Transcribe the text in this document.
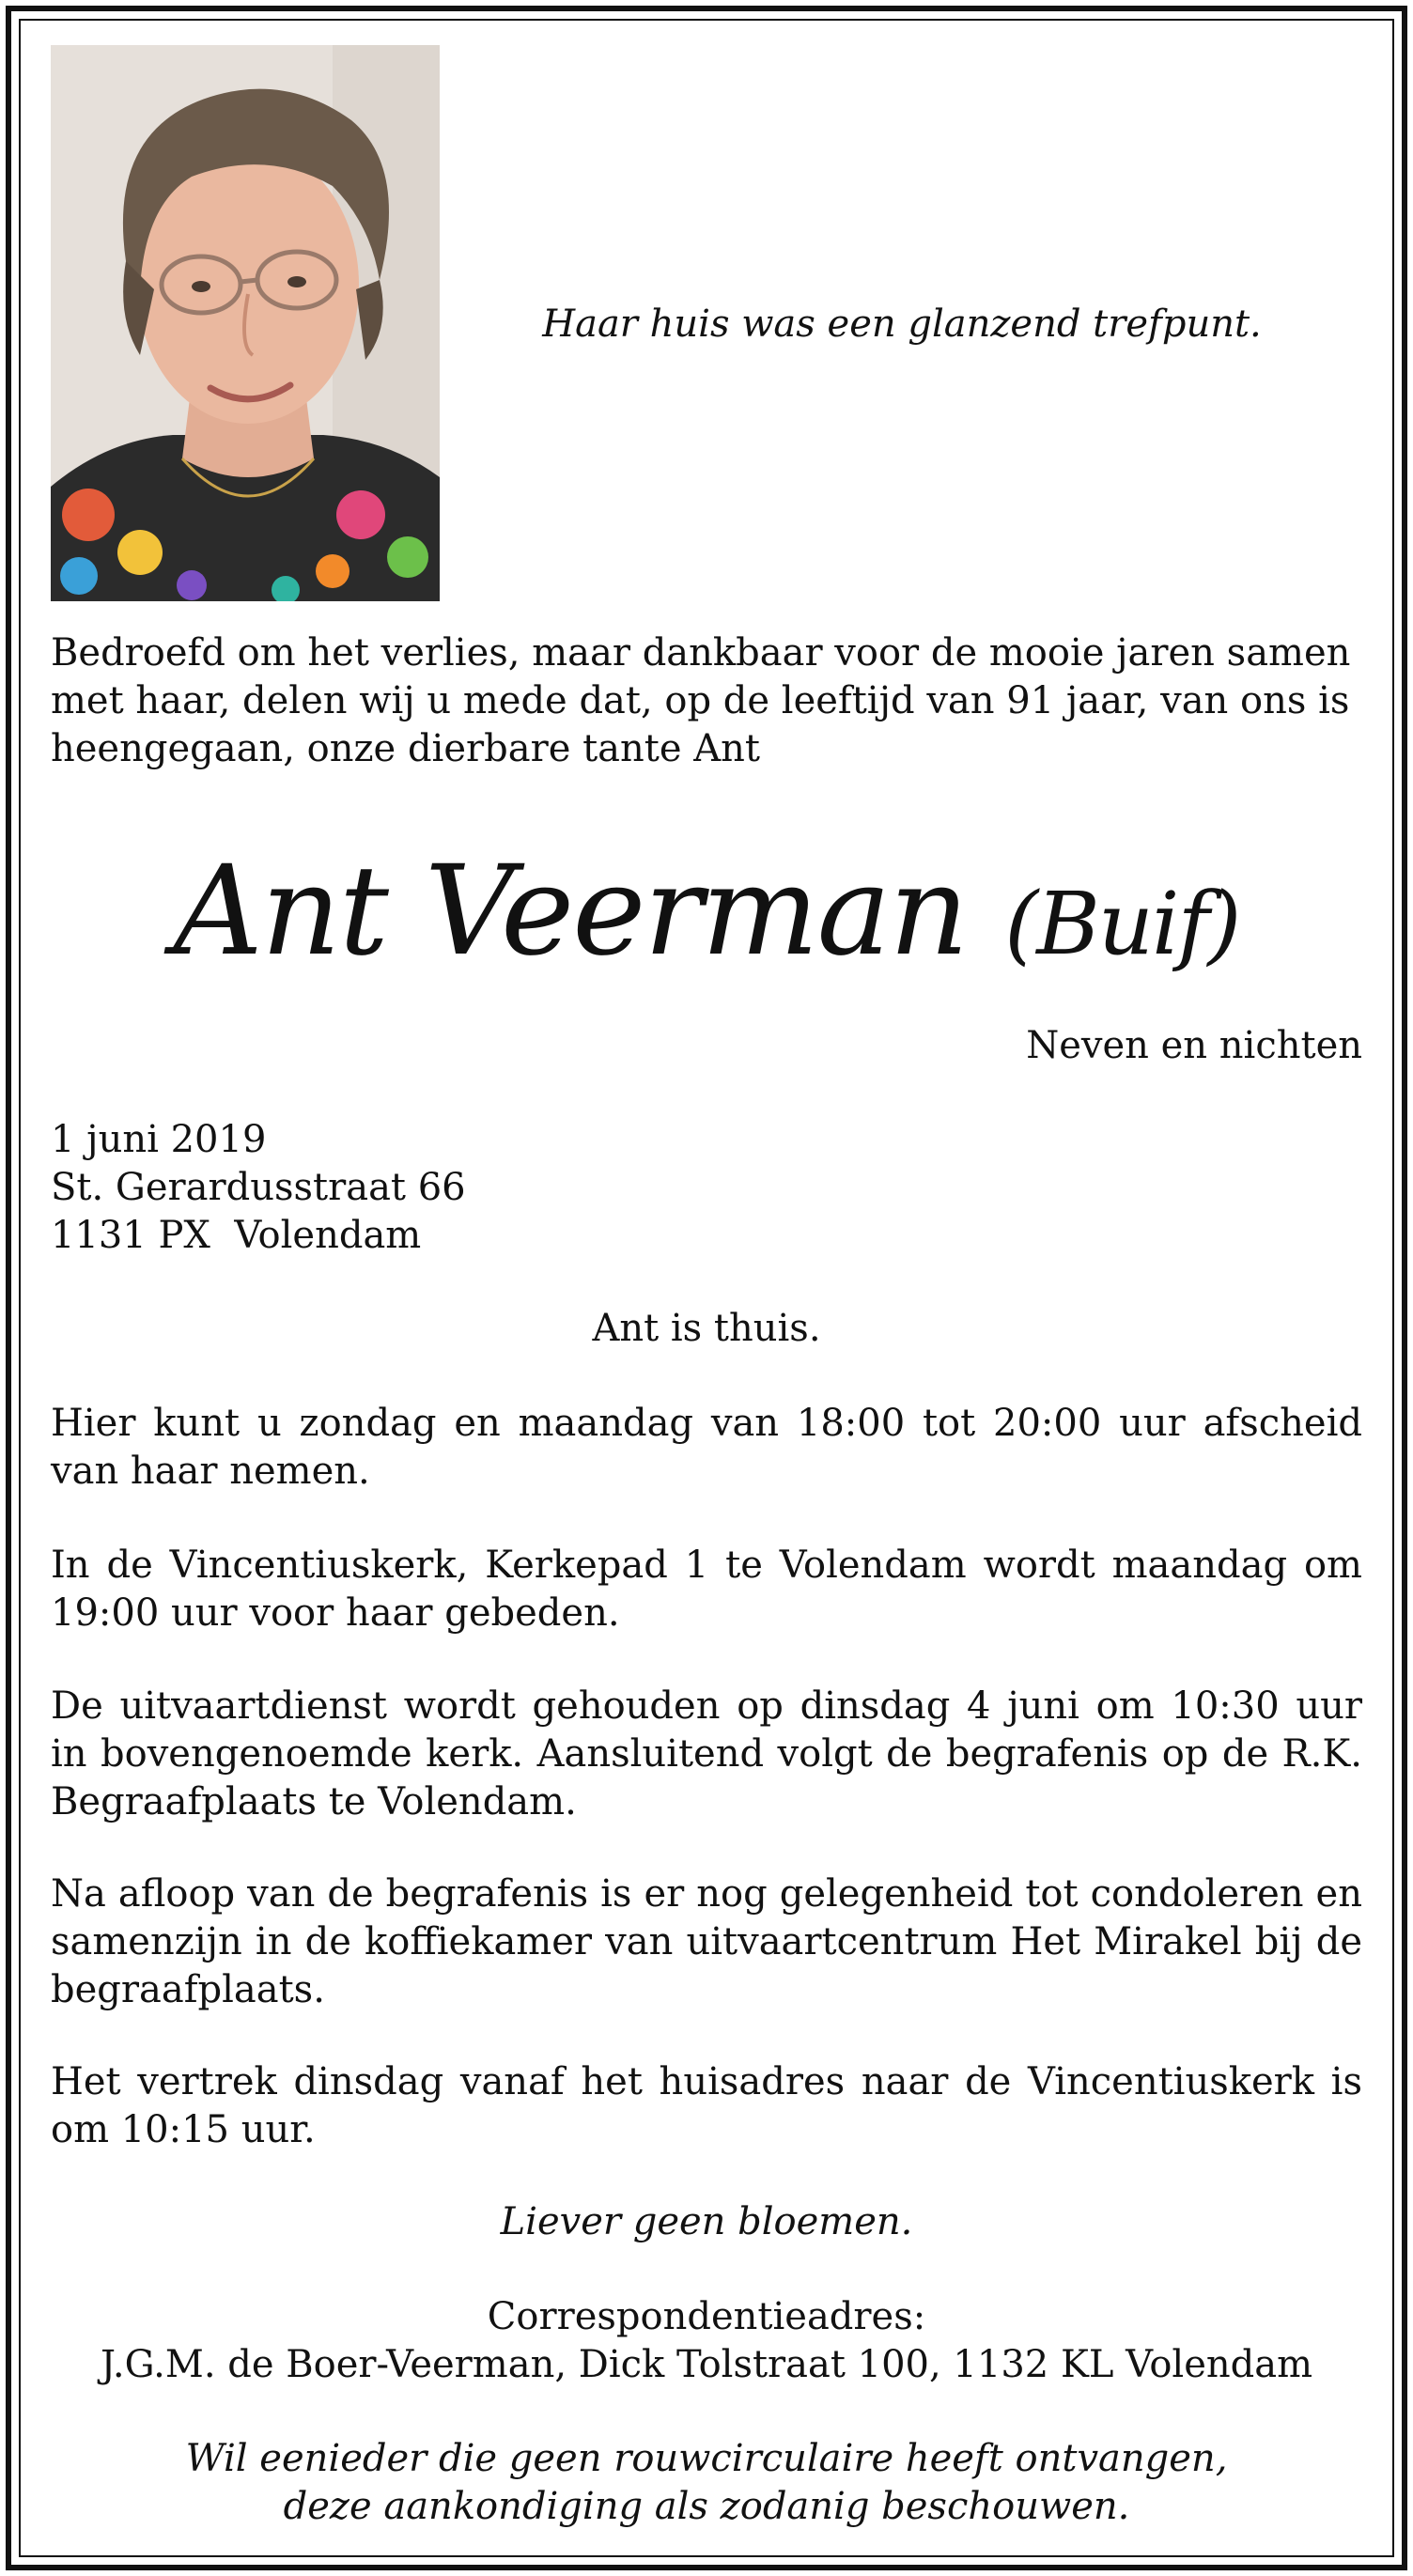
Haar huis was een glanzend trefpunt.
Bedroefd om het verlies, maar dankbaar voor de mooie jaren samen met haar, delen wij u mede dat, op de leeftijd van 91 jaar, van ons is heengegaan, onze dierbare tante Ant
Ant Veerman (Buif)
Neven en nichten
1 juni 2019
St. Gerardusstraat 66
1131 PX  Volendam
Ant is thuis.
Hier kunt u zondag en maandag van 18:00 tot 20:00 uur afscheid van haar nemen.
In de Vincentiuskerk, Kerkepad 1 te Volendam wordt maandag om 19:00 uur voor haar gebeden.
De uitvaartdienst wordt gehouden op dinsdag 4 juni om 10:30 uur in bovengenoemde kerk. Aansluitend volgt de begrafenis op de R.K. Begraafplaats te Volendam.
Na afloop van de begrafenis is er nog gelegenheid tot condoleren en samenzijn in de koffiekamer van uitvaartcentrum Het Mirakel bij de begraafplaats.
Het vertrek dinsdag vanaf het huisadres naar de Vincentiuskerk is om 10:15 uur.
Liever geen bloemen.
Correspondentieadres:
J.G.M. de Boer-Veerman, Dick Tolstraat 100, 1132 KL Volendam
Wil eenieder die geen rouwcirculaire heeft ontvangen,
deze aankondiging als zodanig beschouwen.
